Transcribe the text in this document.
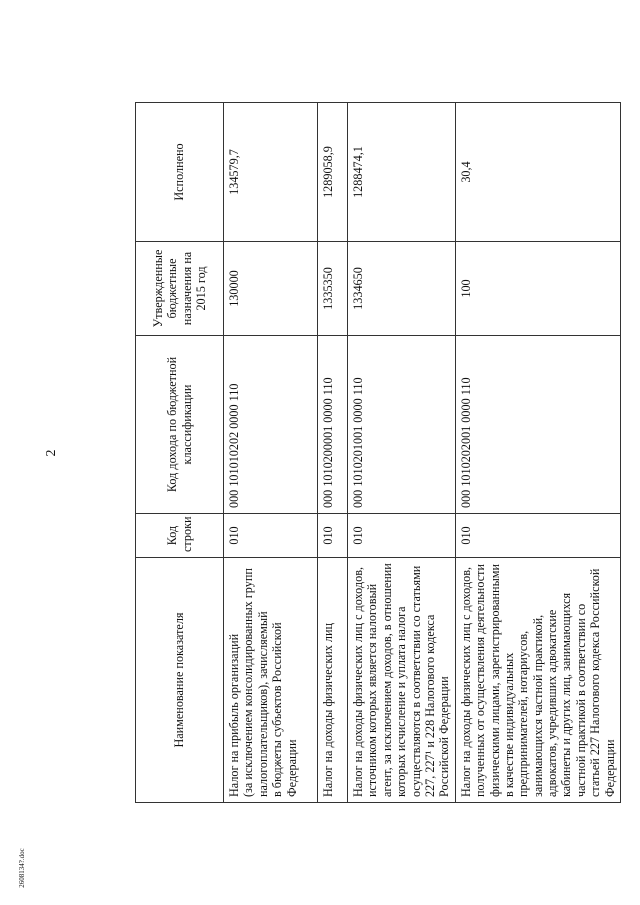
2
Наименование показателя	Код строки	Код дохода по бюджетной классификации	Утвержденные бюджетные назначения на 2015 год	Исполнено
Налог на прибыль организаций
(за исключением консолидированных групп налогоплательщиков), зачисляемый
в бюджеты субъектов Российской Федерации	010	000 101010202 0000 110	130000	134579,7
Налог на доходы физических лиц	010	000 1010200001 0000 110	1335350	1289058,9
Налог на доходы физических лиц с доходов, источником которых является налоговый агент, за исключением доходов, в отношении которых исчисление и уплата налога осуществляются в соответствии со статьями 227, 227¹ и 228 Налогового кодекса Российской Федерации	010	000 1010201001 0000 110	1334650	1288474,1
Налог на доходы физических лиц с доходов, полученных от осуществления деятельности физическими лицами, зарегистрированными в качестве индивидуальных предпринимателей, нотариусов, занимающихся частной практикой, адвокатов, учредивших адвокатские кабинеты и других лиц, занимающихся частной практикой в соответствии со статьей 227 Налогового кодекса Российской Федерации	010	000 1010202001 0000 110	100	30,4
2608134?.doc
